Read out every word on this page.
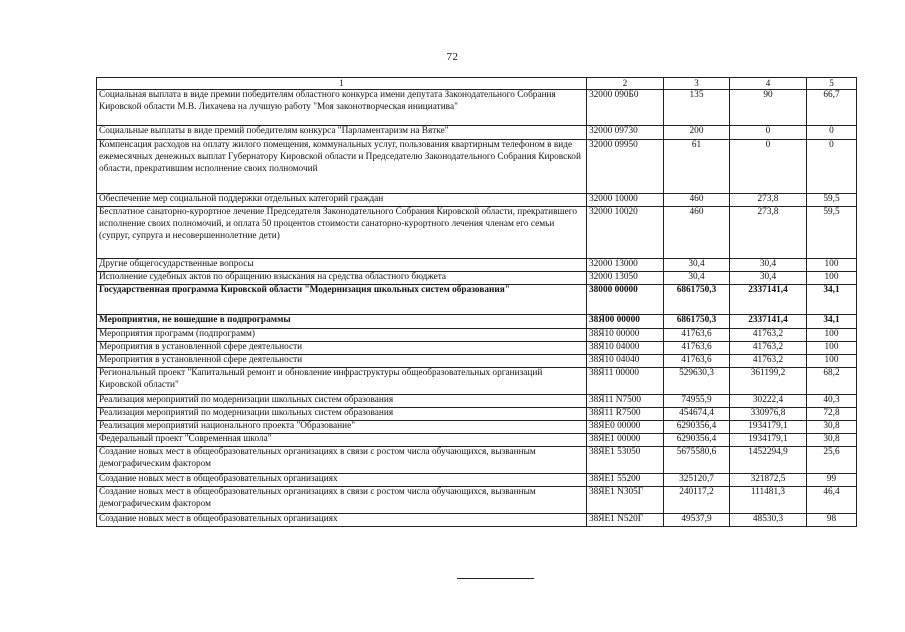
72
1	2	3	4	5
Социальная выплата в виде премии победителям областного конкурса имени депутата Законодательного Собрания Кировской области М.В. Лихачева на лучшую работу "Моя законотворческая инициатива"	32000 090Б0	135	90	66,7
Социальные выплаты в виде премий победителям конкурса "Парламентаризм на Вятке"	32000 09730	200	0	0
Компенсация расходов на оплату жилого помещения, коммунальных услуг, пользования квартирным телефоном в виде ежемесячных денежных выплат Губернатору Кировской области и Председателю Законодательного Собрания Кировской области, прекратившим исполнение своих полномочий	32000 09950	61	0	0
Обеспечение мер социальной поддержки отдельных категорий граждан	32000 10000	460	273,8	59,5
Бесплатное санаторно-курортное лечение Председателя Законодательного Собрания Кировской области, прекратившего исполнение своих полномочий, и оплата 50 процентов стоимости санаторно-курортного лечения членам его семьи (супруг, супруга и несовершеннолетние дети)	32000 10020	460	273,8	59,5
Другие общегосударственные вопросы	32000 13000	30,4	30,4	100
Исполнение судебных актов по обращению взыскания на средства областного бюджета	32000 13050	30,4	30,4	100
Государственная программа Кировской области "Модернизация школьных систем образования"	38000 00000	6861750,3	2337141,4	34,1
Мероприятия, не вошедшие в подпрограммы	38Я00 00000	6861750,3	2337141,4	34,1
Мероприятия программ (подпрограмм)	38Я10 00000	41763,6	41763,2	100
Мероприятия в установленной сфере деятельности	38Я10 04000	41763,6	41763,2	100
Мероприятия в установленной сфере деятельности	38Я10 04040	41763,6	41763,2	100
Региональный проект "Капитальный ремонт и обновление инфраструктуры общеобразовательных организаций Кировской области"	38Я11 00000	529630,3	361199,2	68,2
Реализация мероприятий по модернизации школьных систем образования	38Я11 N7500	74955,9	30222,4	40,3
Реализация мероприятий по модернизации школьных систем образования	38Я11 R7500	454674,4	330976,8	72,8
Реализация мероприятий национального проекта "Образование"	38ЯЕ0 00000	6290356,4	1934179,1	30,8
Федеральный проект "Современная школа"	38ЯЕ1 00000	6290356,4	1934179,1	30,8
Создание новых мест в общеобразовательных организациях в связи с ростом числа обучающихся, вызванным демографическим фактором	38ЯЕ1 53050	5675580,6	1452294,9	25,6
Создание новых мест в общеобразовательных организациях	38ЯЕ1 55200	325120,7	321872,5	99
Создание новых мест в общеобразовательных организациях в связи с ростом числа обучающихся, вызванным демографическим фактором	38ЯЕ1 N305Г	240117,2	111481,3	46,4
Создание новых мест в общеобразовательных организациях	38ЯЕ1 N520Г	49537,9	48530,3	98
